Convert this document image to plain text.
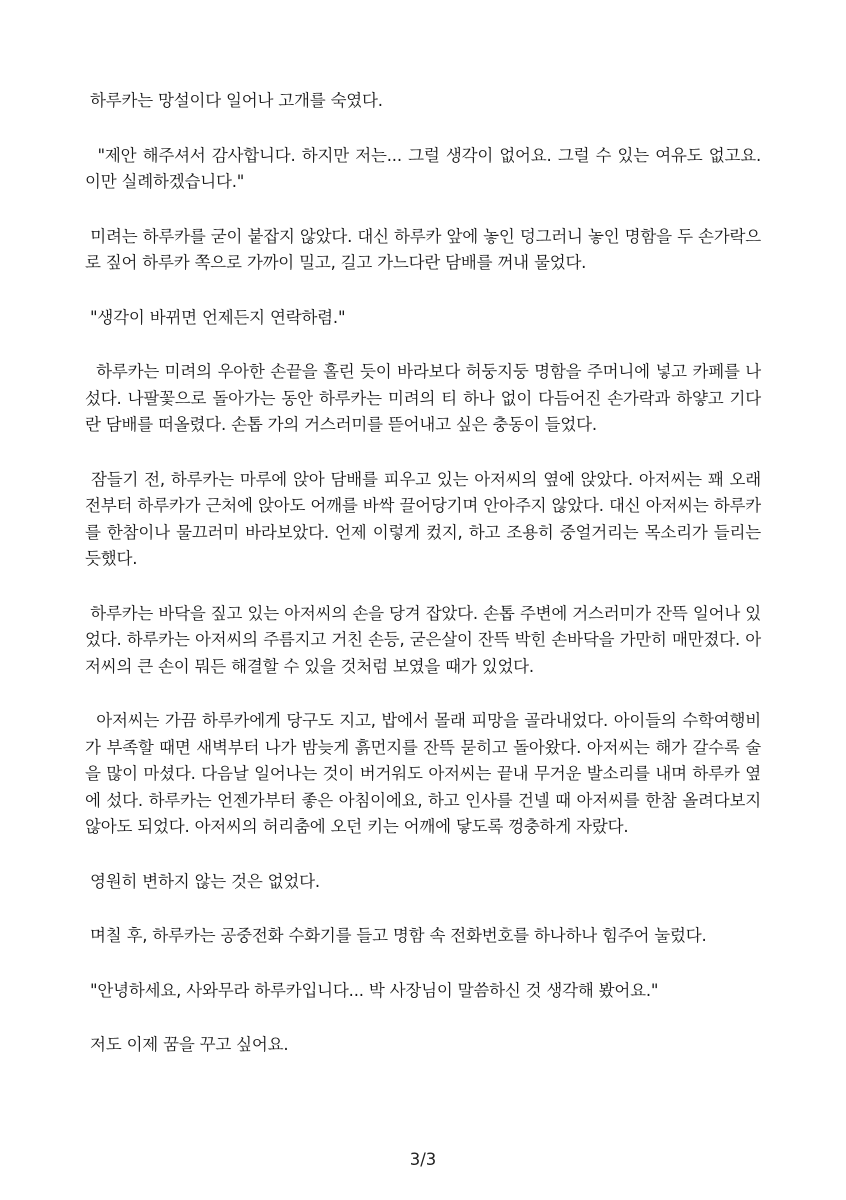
하루카는 망설이다 일어나 고개를 숙였다.

"제안 해주셔서 감사합니다. 하지만 저는... 그럴 생각이 없어요. 그럴 수 있는 여유도 없고요. 이만 실례하겠습니다."

미려는 하루카를 굳이 붙잡지 않았다. 대신 하루카 앞에 놓인 덩그러니 놓인 명함을 두 손가락으로 짚어 하루카 쪽으로 가까이 밀고, 길고 가느다란 담배를 꺼내 물었다.

"생각이 바뀌면 언제든지 연락하렴."

하루카는 미려의 우아한 손끝을 홀린 듯이 바라보다 허둥지둥 명함을 주머니에 넣고 카페를 나섰다. 나팔꽃으로 돌아가는 동안 하루카는 미려의 티 하나 없이 다듬어진 손가락과 하얗고 기다란 담배를 떠올렸다. 손톱 가의 거스러미를 뜯어내고 싶은 충동이 들었다.

잠들기 전, 하루카는 마루에 앉아 담배를 피우고 있는 아저씨의 옆에 앉았다. 아저씨는 꽤 오래전부터 하루카가 근처에 앉아도 어깨를 바싹 끌어당기며 안아주지 않았다. 대신 아저씨는 하루카를 한참이나 물끄러미 바라보았다. 언제 이렇게 컸지, 하고 조용히 중얼거리는 목소리가 들리는 듯했다.

하루카는 바닥을 짚고 있는 아저씨의 손을 당겨 잡았다. 손톱 주변에 거스러미가 잔뜩 일어나 있었다. 하루카는 아저씨의 주름지고 거친 손등, 굳은살이 잔뜩 박힌 손바닥을 가만히 매만졌다. 아저씨의 큰 손이 뭐든 해결할 수 있을 것처럼 보였을 때가 있었다.

아저씨는 가끔 하루카에게 당구도 지고, 밥에서 몰래 피망을 골라내었다. 아이들의 수학여행비가 부족할 때면 새벽부터 나가 밤늦게 흙먼지를 잔뜩 묻히고 돌아왔다. 아저씨는 해가 갈수록 술을 많이 마셨다. 다음날 일어나는 것이 버거워도 아저씨는 끝내 무거운 발소리를 내며 하루카 옆에 섰다. 하루카는 언젠가부터 좋은 아침이에요, 하고 인사를 건넬 때 아저씨를 한참 올려다보지 않아도 되었다. 아저씨의 허리춤에 오던 키는 어깨에 닿도록 껑충하게 자랐다.

영원히 변하지 않는 것은 없었다.

며칠 후, 하루카는 공중전화 수화기를 들고 명함 속 전화번호를 하나하나 힘주어 눌렀다.

"안녕하세요, 사와무라 하루카입니다... 박 사장님이 말씀하신 것 생각해 봤어요."

저도 이제 꿈을 꾸고 싶어요.

3/3
